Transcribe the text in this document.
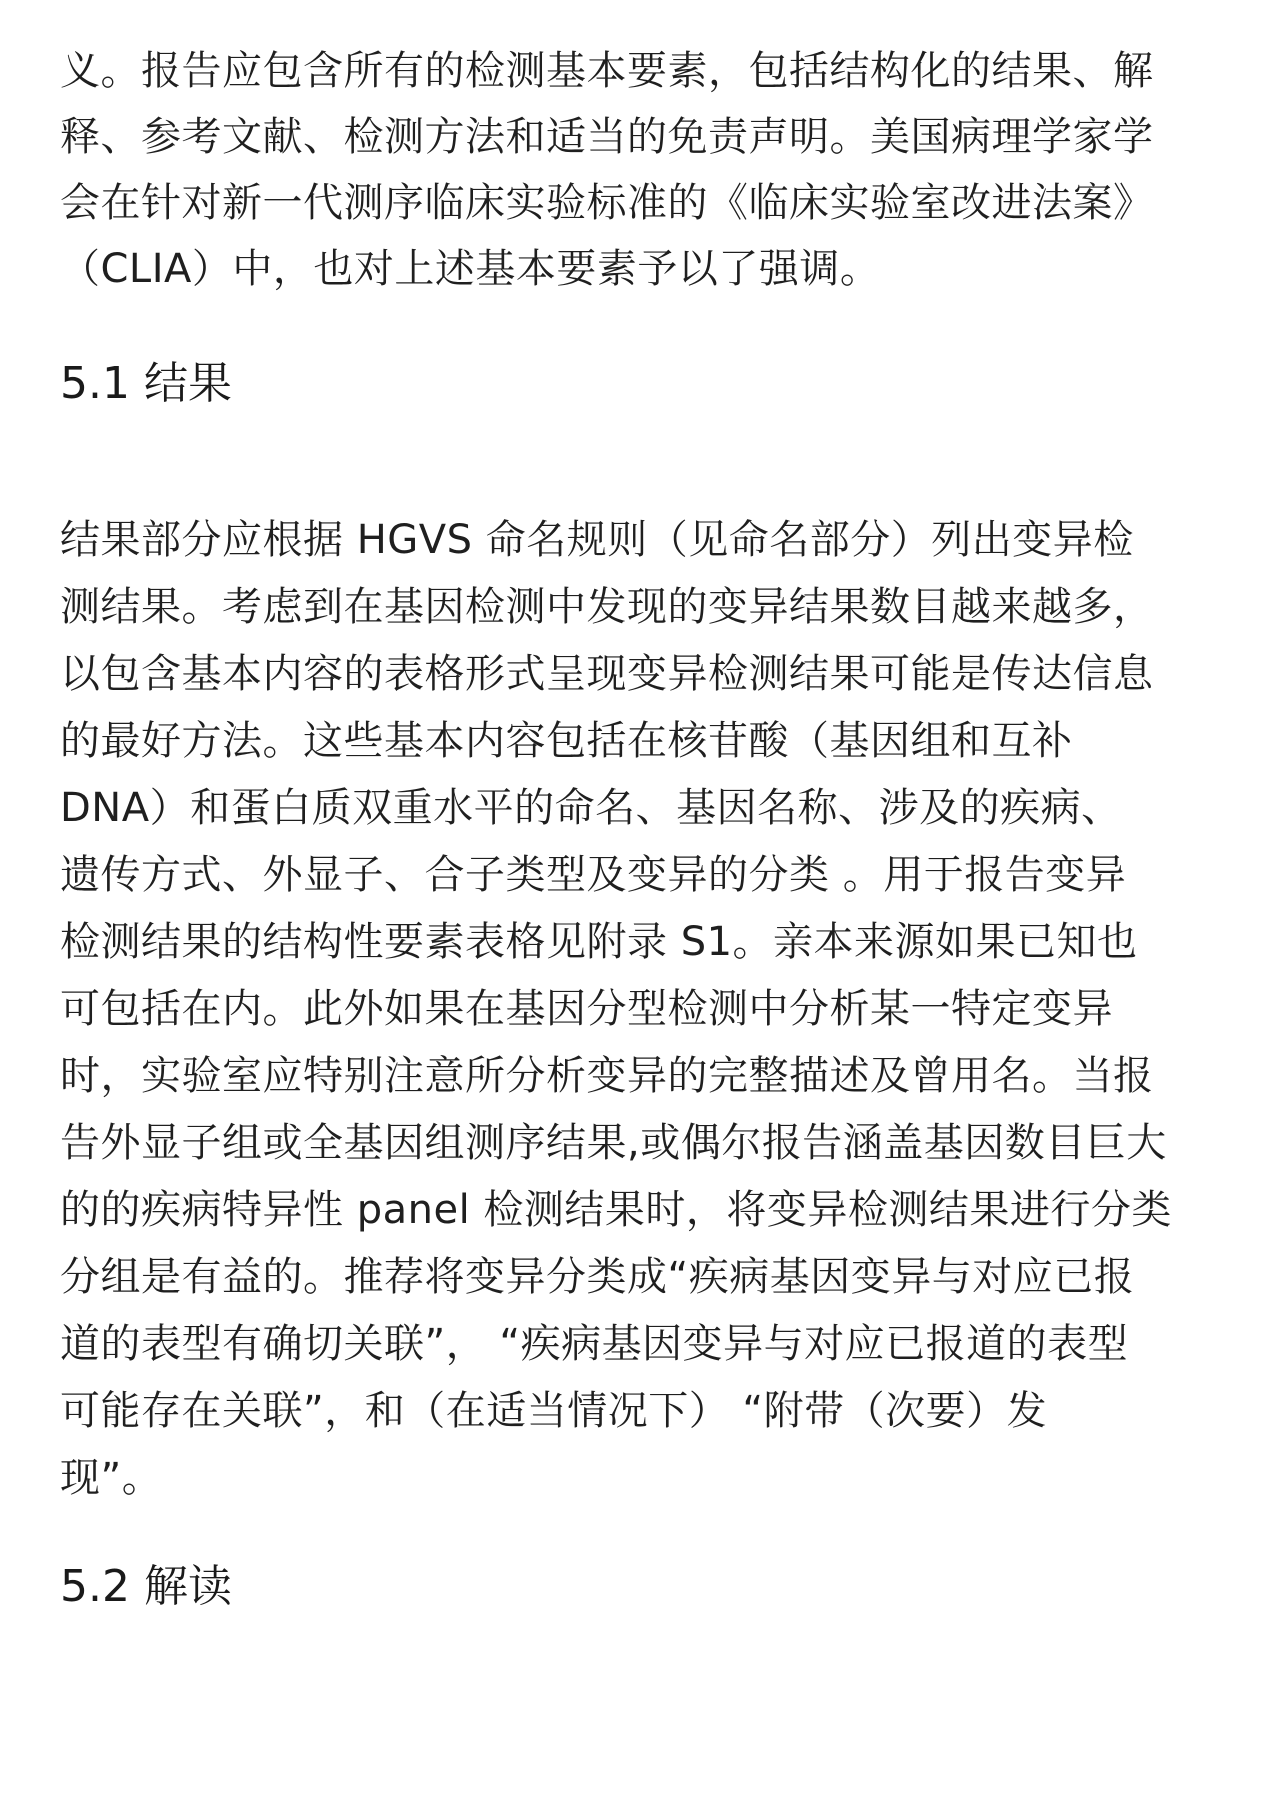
义。报告应包含所有的检测基本要素，包括结构化的结果、解
释、参考文献、检测方法和适当的免责声明。美国病理学家学
会在针对新一代测序临床实验标准的《临床实验室改进法案》
（CLIA）中，也对上述基本要素予以了强调。
5.1 结果
结果部分应根据 HGVS 命名规则（见命名部分）列出变异检
测结果。考虑到在基因检测中发现的变异结果数目越来越多，
以包含基本内容的表格形式呈现变异检测结果可能是传达信息
的最好方法。这些基本内容包括在核苷酸（基因组和互补
DNA）和蛋白质双重水平的命名、基因名称、涉及的疾病、
遗传方式、外显子、合子类型及变异的分类 。用于报告变异
检测结果的结构性要素表格见附录 S1。亲本来源如果已知也
可包括在内。此外如果在基因分型检测中分析某一特定变异
时，实验室应特别注意所分析变异的完整描述及曾用名。当报
告外显子组或全基因组测序结果,或偶尔报告涵盖基因数目巨大
的的疾病特异性 panel 检测结果时，将变异检测结果进行分类
分组是有益的。推荐将变异分类成“疾病基因变异与对应已报
道的表型有确切关联”， “疾病基因变异与对应已报道的表型
可能存在关联”，和（在适当情况下） “附带（次要）发
现”。
5.2 解读
